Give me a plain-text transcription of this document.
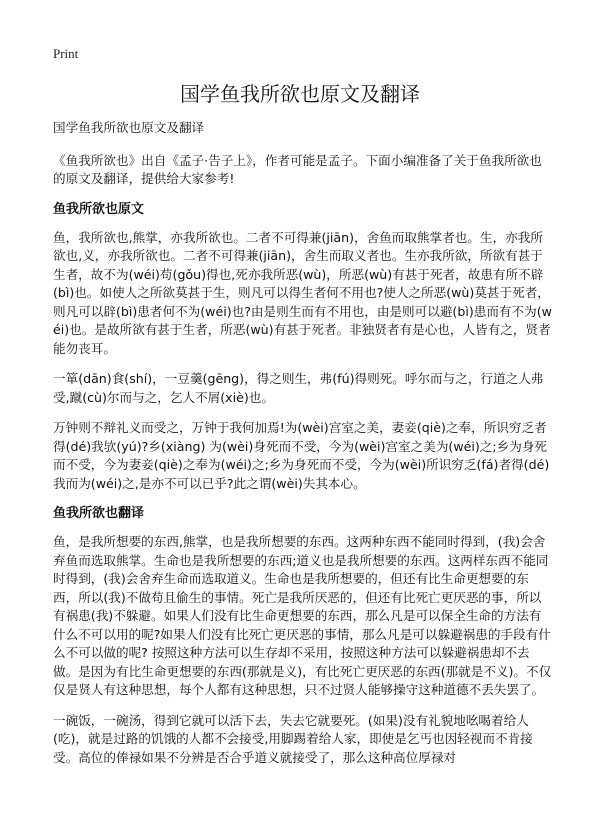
Print
国学鱼我所欲也原文及翻译

国学鱼我所欲也原文及翻译

《鱼我所欲也》出自《孟子·告子上》，作者可能是孟子。下面小编准备了关于鱼我所欲也的原文及翻译，提供给大家参考!

鱼我所欲也原文

鱼，我所欲也,熊掌，亦我所欲也。二者不可得兼(jiān)，舍鱼而取熊掌者也。生，亦我所欲也,义，亦我所欲也。二者不可得兼(jiān)，舍生而取义者也。生亦我所欲，所欲有甚于生者，故不为(wéi)苟(gǒu)得也,死亦我所恶(wù)，所恶(wù)有甚于死者，故患有所不辟(bì)也。如使人之所欲莫甚于生，则凡可以得生者何不用也?使人之所恶(wù)莫甚于死者，则凡可以辟(bì)患者何不为(wéi)也?由是则生而有不用也，由是则可以避(bì)患而有不为(wéi)也。是故所欲有甚于生者，所恶(wù)有甚于死者。非独贤者有是心也，人皆有之，贤者能勿丧耳。

一箪(dān)食(shí)，一豆羹(gēng)，得之则生，弗(fú)得则死。呼尔而与之，行道之人弗受,蹴(cù)尔而与之，乞人不屑(xiè)也。

万钟则不辩礼义而受之，万钟于我何加焉!为(wèi)宫室之美，妻妾(qiè)之奉，所识穷乏者得(dé)我欤(yú)?乡(xiàng) 为(wèi)身死而不受，今为(wèi)宫室之美为(wéi)之;乡为身死而不受，今为妻妾(qiè)之奉为(wéi)之;乡为身死而不受，今为(wèi)所识穷乏(fá)者得(dé)我而为(wéi)之,是亦不可以已乎?此之谓(wèi)失其本心。

鱼我所欲也翻译

鱼，是我所想要的东西,熊掌，也是我所想要的东西。这两种东西不能同时得到，(我)会舍弃鱼而选取熊掌。生命也是我所想要的东西;道义也是我所想要的东西。这两样东西不能同时得到，(我)会舍弃生命而选取道义。生命也是我所想要的，但还有比生命更想要的东西，所以(我)不做苟且偷生的事情。死亡是我所厌恶的，但还有比死亡更厌恶的事，所以有祸患(我)不躲避。如果人们没有比生命更想要的东西，那么凡是可以保全生命的方法有什么不可以用的呢?如果人们没有比死亡更厌恶的事情，那么凡是可以躲避祸患的手段有什么不可以做的呢? 按照这种方法可以生存却不采用，按照这种方法可以躲避祸患却不去做。是因为有比生命更想要的东西(那就是义)，有比死亡更厌恶的东西(那就是不义)。不仅仅是贤人有这种思想，每个人都有这种思想，只不过贤人能够操守这种道德不丢失罢了。

一碗饭，一碗汤，得到它就可以活下去，失去它就要死。(如果)没有礼貌地吆喝着给人(吃)，就是过路的饥饿的人都不会接受,用脚踢着给人家，即使是乞丐也因轻视而不肯接受。高位的俸禄如果不分辨是否合乎道义就接受了，那么这种高位厚禄对
